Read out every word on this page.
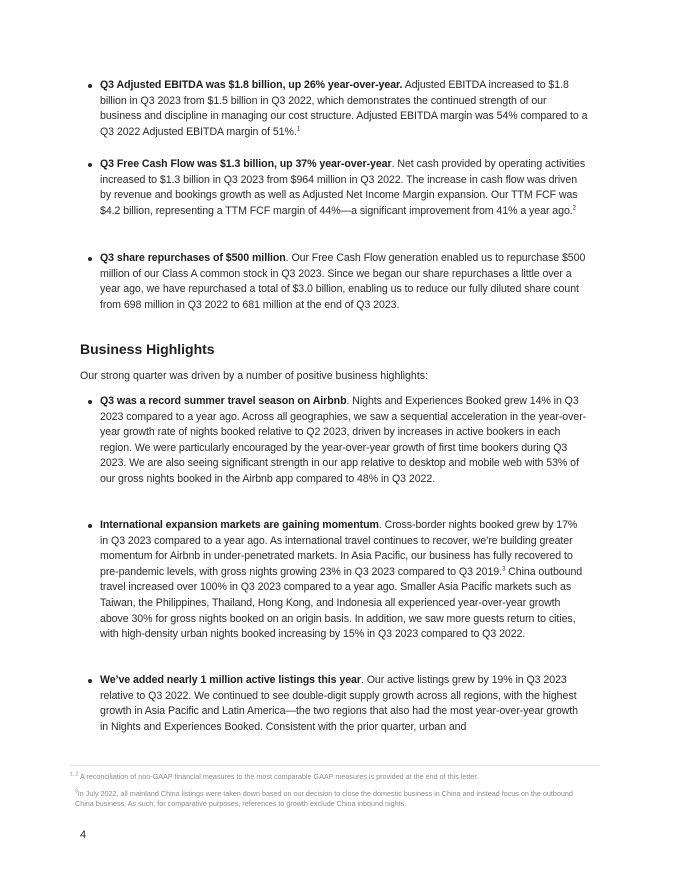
Q3 Adjusted EBITDA was $1.8 billion, up 26% year-over-year. Adjusted EBITDA increased to $1.8 billion in Q3 2023 from $1.5 billion in Q3 2022, which demonstrates the continued strength of our business and discipline in managing our cost structure. Adjusted EBITDA margin was 54% compared to a Q3 2022 Adjusted EBITDA margin of 51%.$^1$
Q3 Free Cash Flow was $1.3 billion, up 37% year-over-year. Net cash provided by operating activities increased to $1.3 billion in Q3 2023 from $964 million in Q3 2022. The increase in cash flow was driven by revenue and bookings growth as well as Adjusted Net Income Margin expansion. Our TTM FCF was $4.2 billion, representing a TTM FCF margin of 44%—a significant improvement from 41% a year ago.$^2$
Q3 share repurchases of $500 million. Our Free Cash Flow generation enabled us to repurchase $500 million of our Class A common stock in Q3 2023. Since we began our share repurchases a little over a year ago, we have repurchased a total of $3.0 billion, enabling us to reduce our fully diluted share count from 698 million in Q3 2022 to 681 million at the end of Q3 2023.
Business Highlights

Our strong quarter was driven by a number of positive business highlights:

Q3 was a record summer travel season on Airbnb. Nights and Experiences Booked grew 14% in Q3 2023 compared to a year ago. Across all geographies, we saw a sequential acceleration in the year-over-year growth rate of nights booked relative to Q2 2023, driven by increases in active bookers in each region. We were particularly encouraged by the year-over-year growth of first time bookers during Q3 2023. We are also seeing significant strength in our app relative to desktop and mobile web with 53% of our gross nights booked in the Airbnb app compared to 48% in Q3 2022.
International expansion markets are gaining momentum. Cross-border nights booked grew by 17% in Q3 2023 compared to a year ago. As international travel continues to recover, we’re building greater momentum for Airbnb in under-penetrated markets. In Asia Pacific, our business has fully recovered to pre-pandemic levels, with gross nights growing 23% in Q3 2023 compared to Q3 2019.$^3$ China outbound travel increased over 100% in Q3 2023 compared to a year ago. Smaller Asia Pacific markets such as Taiwan, the Philippines, Thailand, Hong Kong, and Indonesia all experienced year-over-year growth above 30% for gross nights booked on an origin basis. In addition, we saw more guests return to cities, with high-density urban nights booked increasing by 15% in Q3 2023 compared to Q3 2022.
We’ve added nearly 1 million active listings this year. Our active listings grew by 19% in Q3 2023 relative to Q3 2022. We continued to see double-digit supply growth across all regions, with the highest growth in Asia Pacific and Latin America—the two regions that also had the most year-over-year growth in Nights and Experiences Booked. Consistent with the prior quarter, urban and

$^{1, 2}$ A reconciliation of non-GAAP financial measures to the most comparable GAAP measures is provided at the end of this letter.

$^3$In July 2022, all mainland China listings were taken down based on our decision to close the domestic business in China and instead focus on the outbound China business. As such, for comparative purposes, references to growth exclude China inbound nights.

4
